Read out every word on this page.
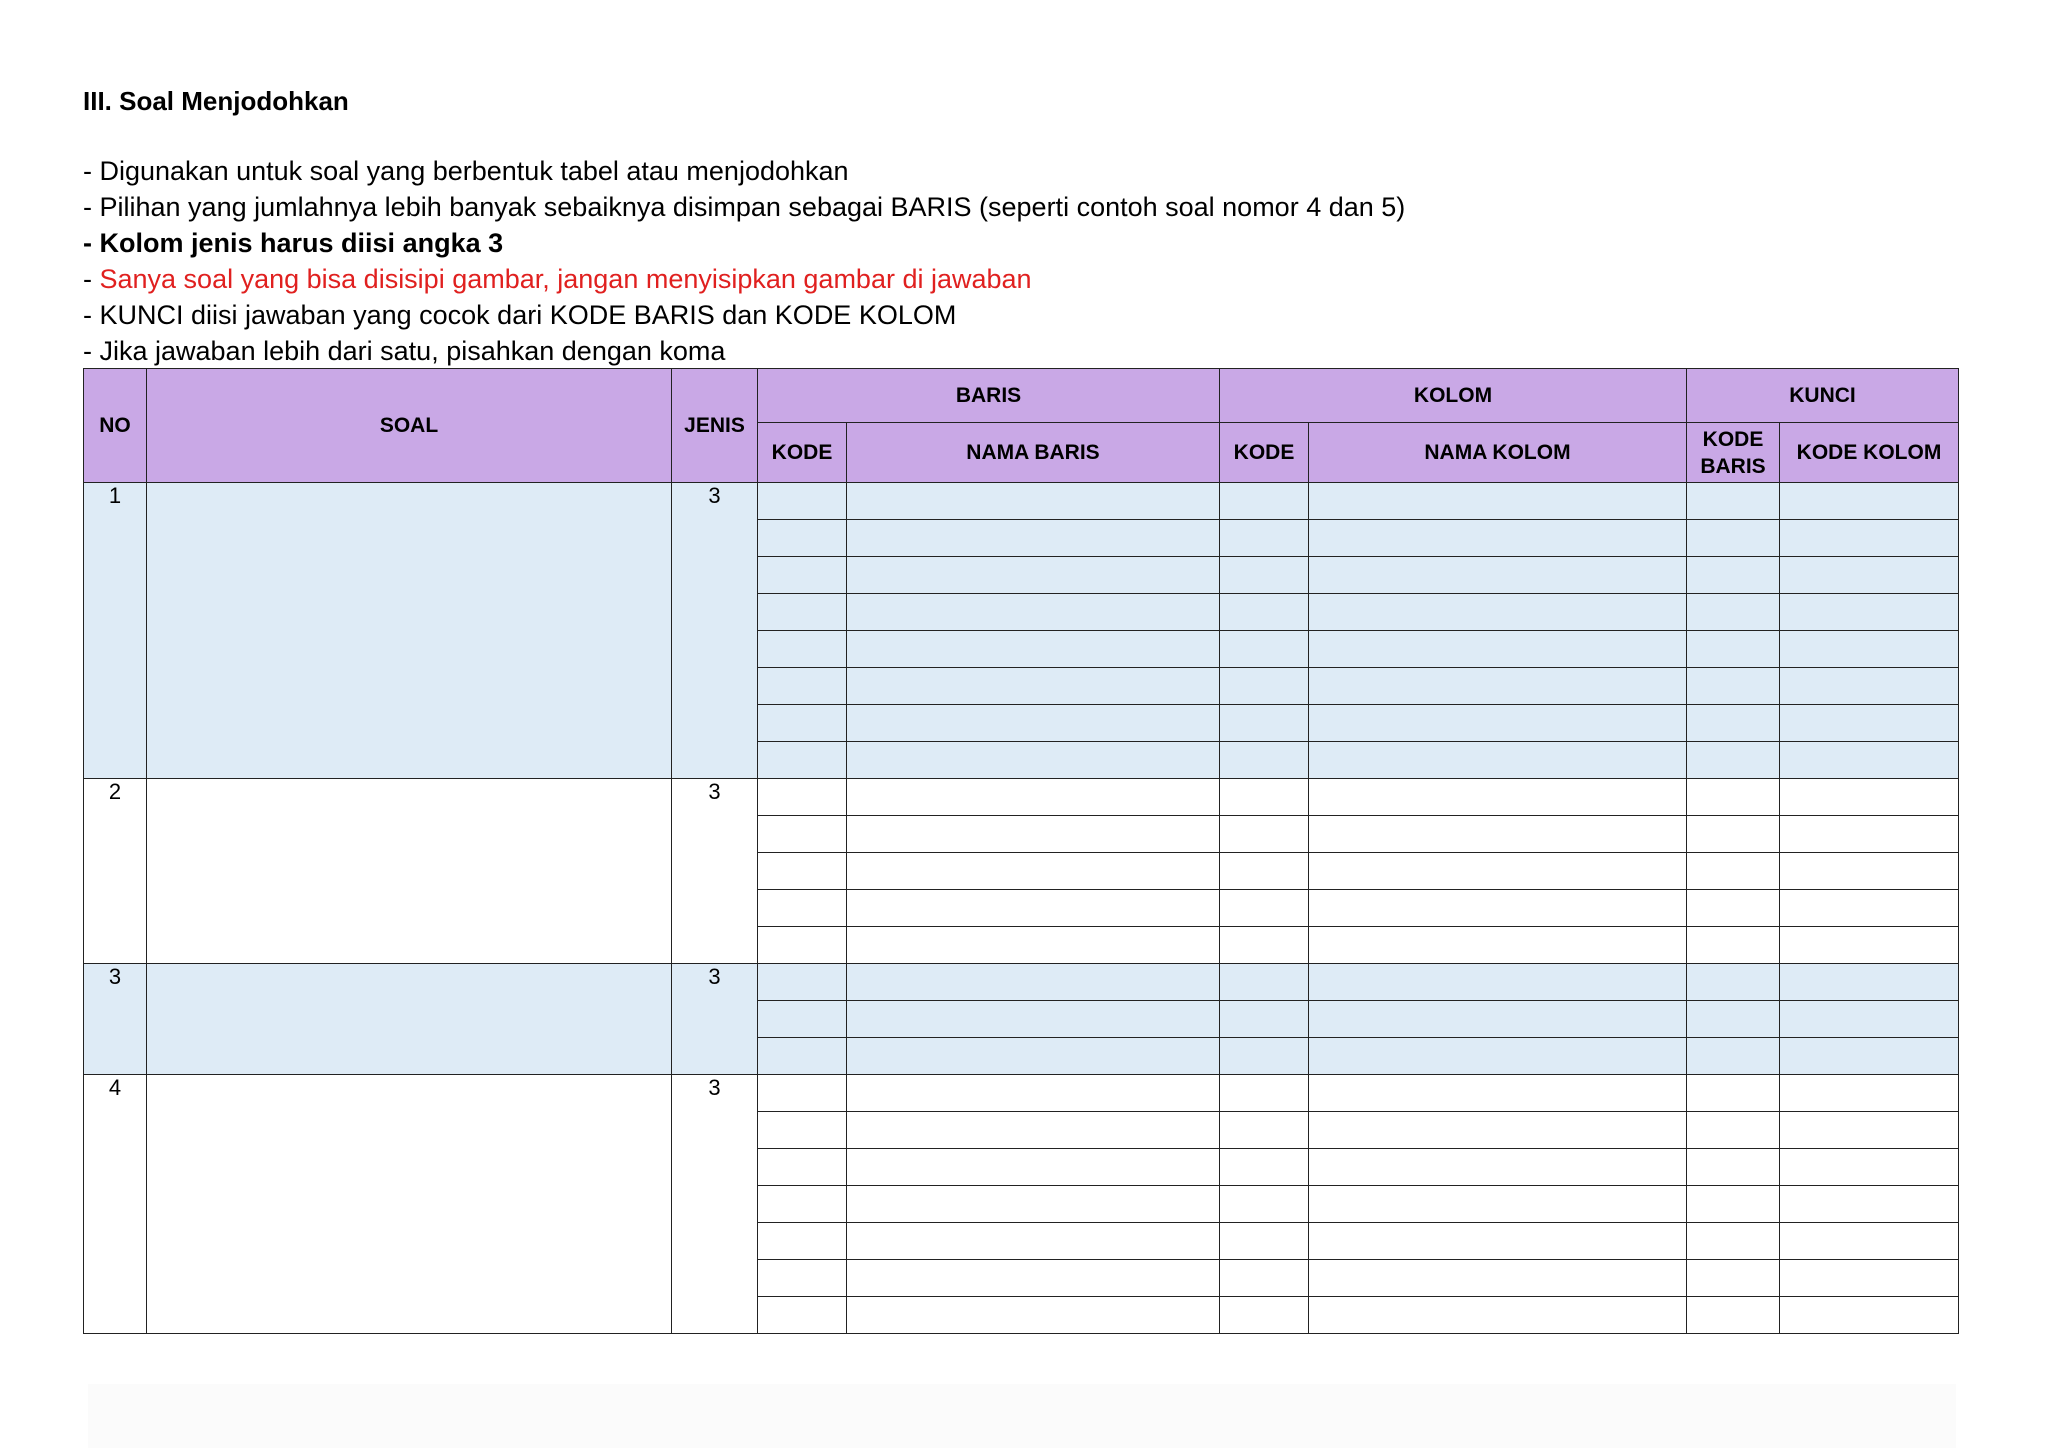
III. Soal Menjodohkan
- Digunakan untuk soal yang berbentuk tabel atau menjodohkan
- Pilihan yang jumlahnya lebih banyak sebaiknya disimpan sebagai BARIS (seperti contoh soal nomor 4 dan 5)
- Kolom jenis harus diisi angka 3
- Sanya soal yang bisa disisipi gambar, jangan menyisipkan gambar di jawaban
- KUNCI diisi jawaban yang cocok dari KODE BARIS dan KODE KOLOM
- Jika jawaban lebih dari satu, pisahkan dengan koma
NO	SOAL	JENIS	BARIS		KOLOM		KUNCI	
			KODE	NAMA BARIS	KODE	NAMA KOLOM	KODE BARIS	KODE KOLOM
1		3						

2		3						

3		3						

4		3						
